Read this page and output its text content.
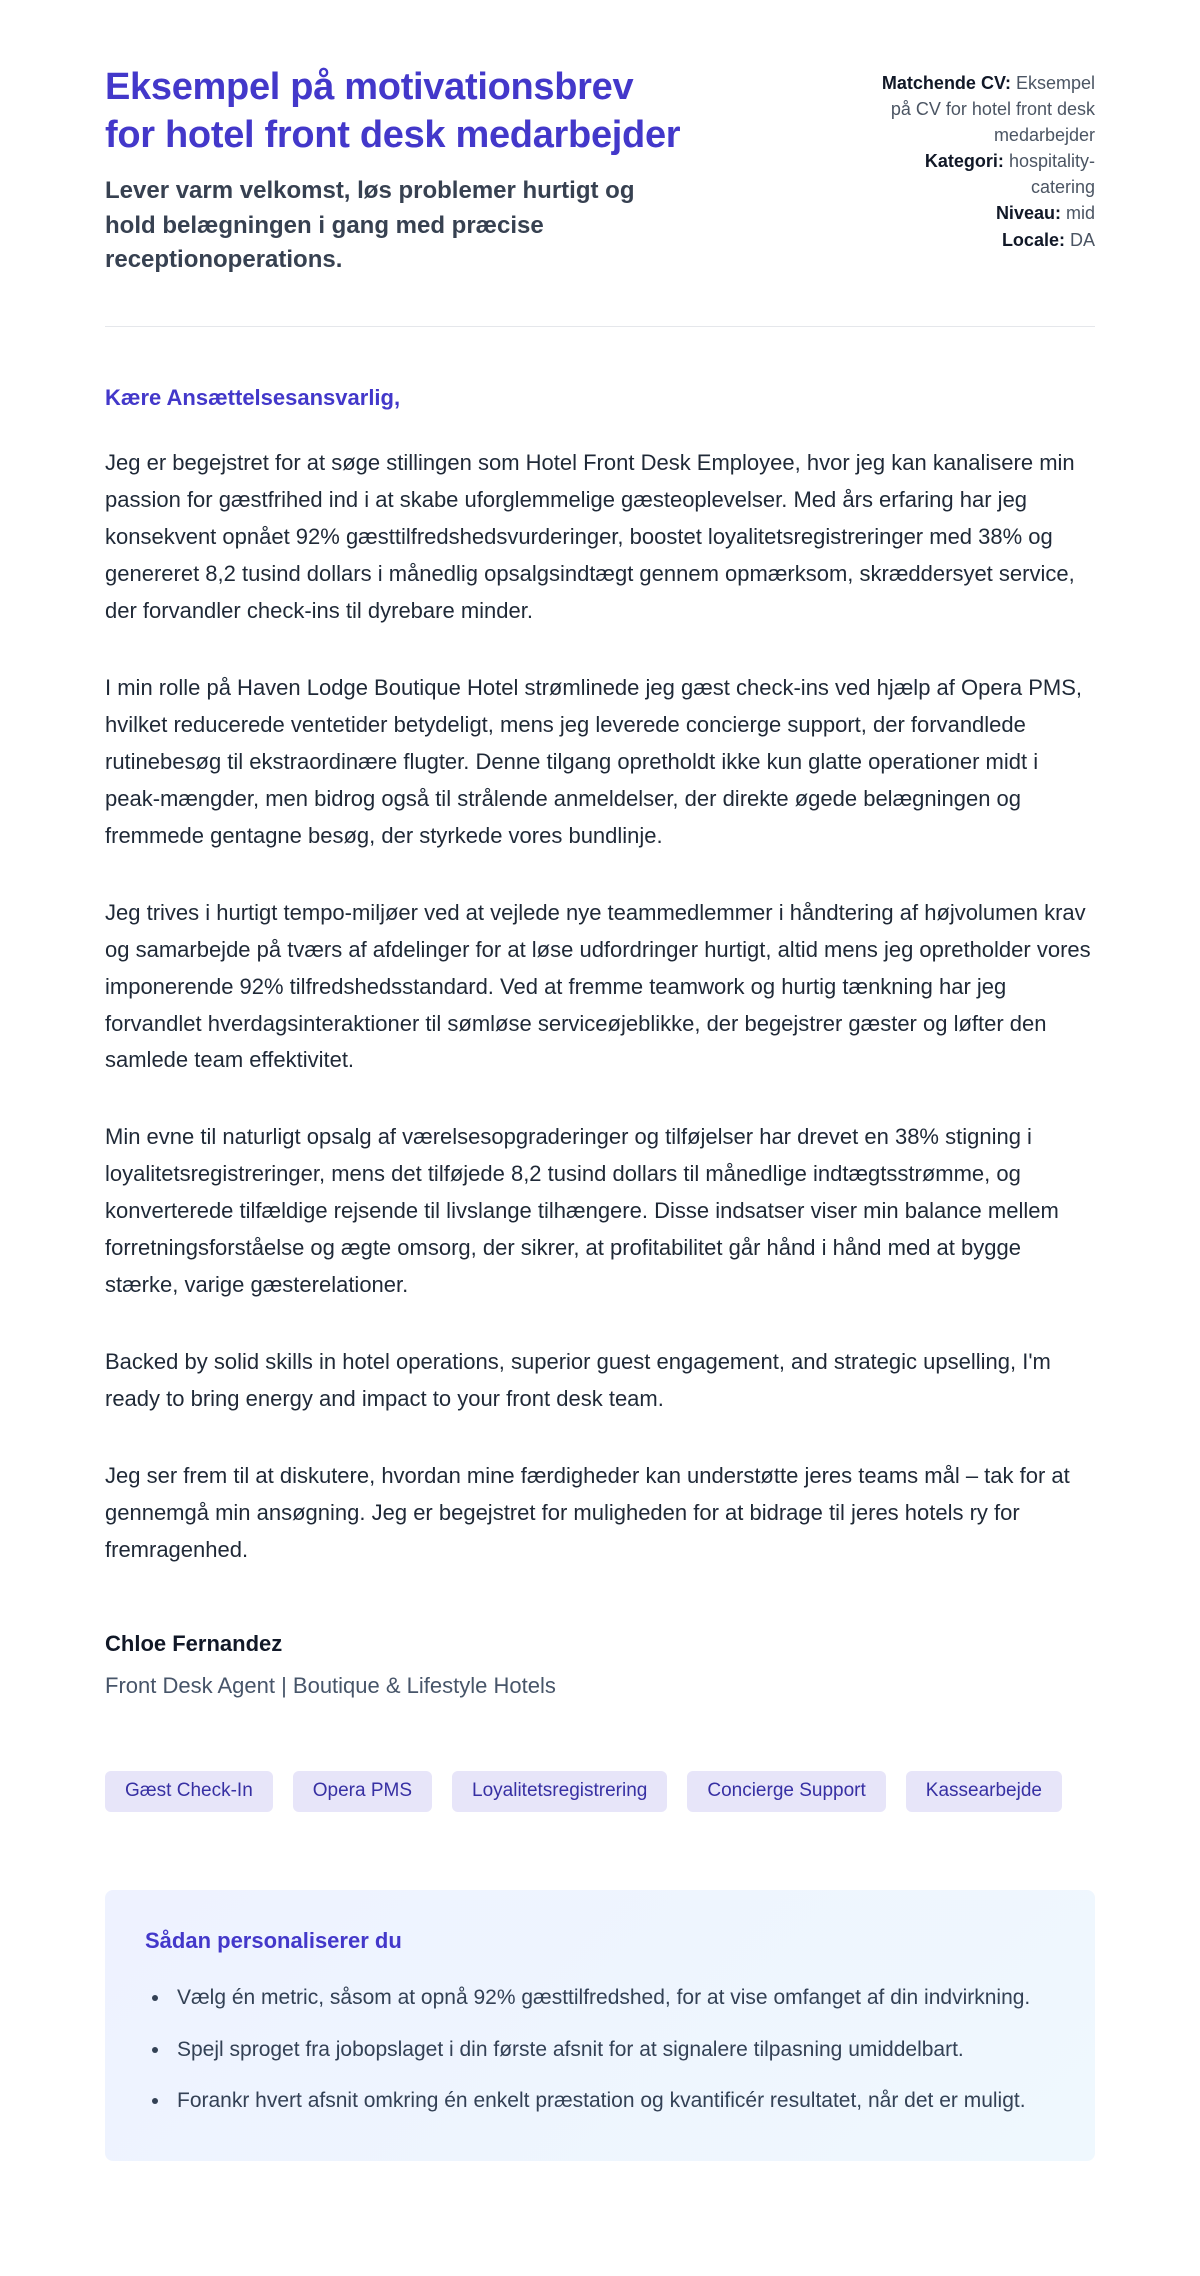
Eksempel på motivationsbrev for hotel front desk medarbejder

Lever varm velkomst, løs problemer hurtigt og hold belægningen i gang med præcise receptionoperations.

Matchende CV: Eksempel på CV for hotel front desk medarbejder
Kategori: hospitality-catering
Niveau: mid
Locale: DA

Kære Ansættelsesansvarlig,

Jeg er begejstret for at søge stillingen som Hotel Front Desk Employee, hvor jeg kan kanalisere min passion for gæstfrihed ind i at skabe uforglemmelige gæsteoplevelser. Med års erfaring har jeg konsekvent opnået 92% gæsttilfredshedsvurderinger, boostet loyalitetsregistreringer med 38% og genereret 8,2 tusind dollars i månedlig opsalgsindtægt gennem opmærksom, skræddersyet service, der forvandler check-ins til dyrebare minder.

I min rolle på Haven Lodge Boutique Hotel strømlinede jeg gæst check-ins ved hjælp af Opera PMS, hvilket reducerede ventetider betydeligt, mens jeg leverede concierge support, der forvandlede rutinebesøg til ekstraordinære flugter. Denne tilgang opretholdt ikke kun glatte operationer midt i peak-mængder, men bidrog også til strålende anmeldelser, der direkte øgede belægningen og fremmede gentagne besøg, der styrkede vores bundlinje.

Jeg trives i hurtigt tempo-miljøer ved at vejlede nye teammedlemmer i håndtering af højvolumen krav og samarbejde på tværs af afdelinger for at løse udfordringer hurtigt, altid mens jeg opretholder vores imponerende 92% tilfredshedsstandard. Ved at fremme teamwork og hurtig tænkning har jeg forvandlet hverdagsinteraktioner til sømløse serviceøjeblikke, der begejstrer gæster og løfter den samlede team effektivitet.

Min evne til naturligt opsalg af værelsesopgraderinger og tilføjelser har drevet en 38% stigning i loyalitetsregistreringer, mens det tilføjede 8,2 tusind dollars til månedlige indtægtsstrømme, og konverterede tilfældige rejsende til livslange tilhængere. Disse indsatser viser min balance mellem forretningsforståelse og ægte omsorg, der sikrer, at profitabilitet går hånd i hånd med at bygge stærke, varige gæsterelationer.

Backed by solid skills in hotel operations, superior guest engagement, and strategic upselling, I'm ready to bring energy and impact to your front desk team.

Jeg ser frem til at diskutere, hvordan mine færdigheder kan understøtte jeres teams mål – tak for at gennemgå min ansøgning. Jeg er begejstret for muligheden for at bidrage til jeres hotels ry for fremragenhed.

Chloe Fernandez

Front Desk Agent | Boutique & Lifestyle Hotels

Gæst Check-In	Opera PMS	Loyalitetsregistrering	Concierge Support	Kassearbejde
Sådan personaliserer du
• Vælg én metric, såsom at opnå 92% gæsttilfredshed, for at vise omfanget af din indvirkning.
• Spejl sproget fra jobopslaget i din første afsnit for at signalere tilpasning umiddelbart.
• Forankr hvert afsnit omkring én enkelt præstation og kvantificér resultatet, når det er muligt.
